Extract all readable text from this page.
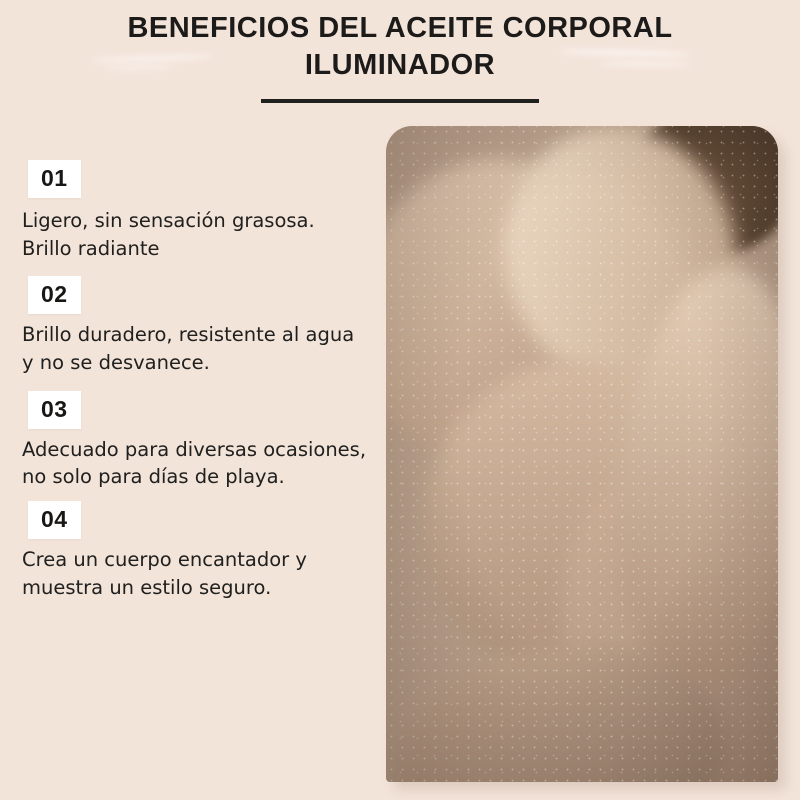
BENEFICIOS DEL ACEITE CORPORAL ILUMINADOR
01
Ligero, sin sensación grasosa. Brillo radiante
02
Brillo duradero, resistente al agua y no se desvanece.
03
Adecuado para diversas ocasiones, no solo para días de playa.
04
Crea un cuerpo encantador y muestra un estilo seguro.
